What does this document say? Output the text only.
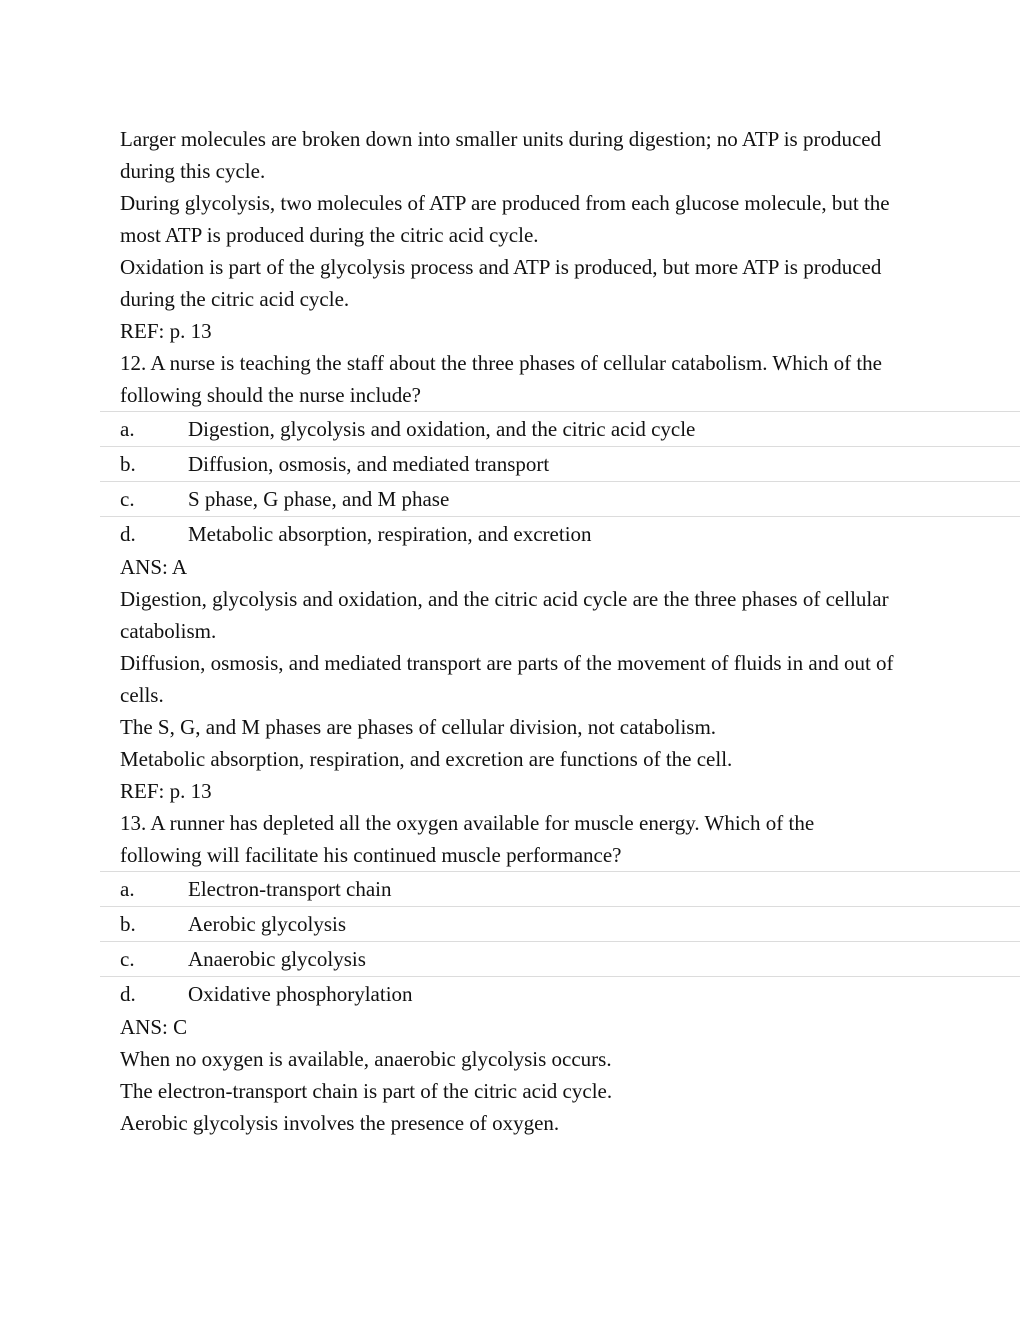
Larger molecules are broken down into smaller units during digestion; no ATP is produced during this cycle.

During glycolysis, two molecules of ATP are produced from each glucose molecule, but the most ATP is produced during the citric acid cycle.

Oxidation is part of the glycolysis process and ATP is produced, but more ATP is produced during the citric acid cycle.

REF: p. 13

12. A nurse is teaching the staff about the three phases of cellular catabolism. Which of the following should the nurse include?

a.	Digestion, glycolysis and oxidation, and the citric acid cycle
b.	Diffusion, osmosis, and mediated transport
c.	S phase, G phase, and M phase
d.	Metabolic absorption, respiration, and excretion

ANS: A

Digestion, glycolysis and oxidation, and the citric acid cycle are the three phases of cellular catabolism.

Diffusion, osmosis, and mediated transport are parts of the movement of fluids in and out of cells.

The S, G, and M phases are phases of cellular division, not catabolism.

Metabolic absorption, respiration, and excretion are functions of the cell.

REF: p. 13

13. A runner has depleted all the oxygen available for muscle energy. Which of the following will facilitate his continued muscle performance?

a.	Electron-transport chain
b.	Aerobic glycolysis
c.	Anaerobic glycolysis
d.	Oxidative phosphorylation

ANS: C

When no oxygen is available, anaerobic glycolysis occurs.

The electron-transport chain is part of the citric acid cycle.

Aerobic glycolysis involves the presence of oxygen.
